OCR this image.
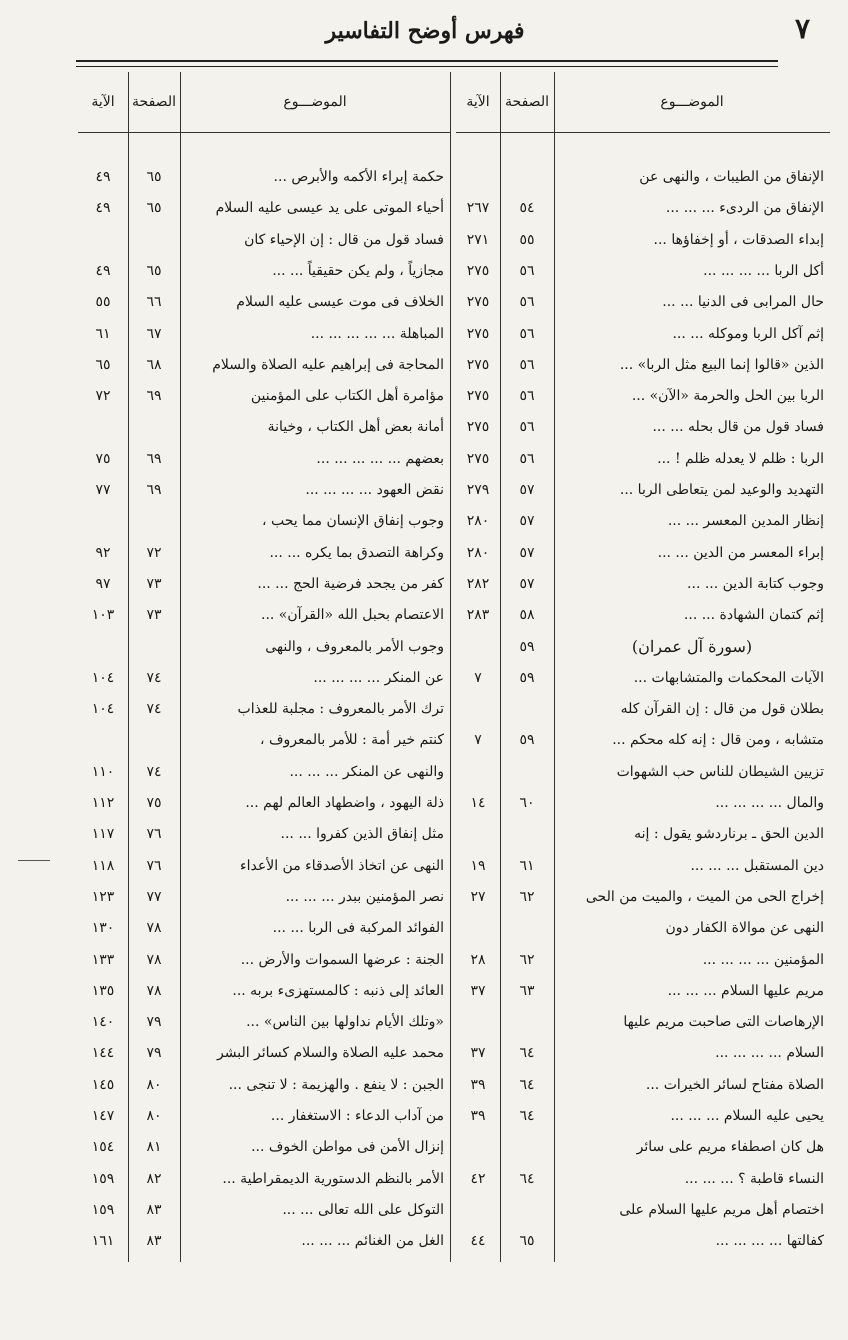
فهرس أوضح التفاسير	٧
الآية	الصفحة	الموضـــوع
٤٩	٦٥	حكمة إبراء الأكمه والأبرص ...
٤٩	٦٥	أحياء الموتى على يد عيسى عليه السلام
فساد قول من قال : إن الإحياء كان
٤٩	٦٥	مجازياً ، ولم يكن حقيقياً ... ...
٥٥	٦٦	الخلاف فى موت عيسى عليه السلام
٦١	٦٧	المباهلة ... ... ... ... ...
٦٥	٦٨	المحاجة فى إبراهيم عليه الصلاة والسلام
٧٢	٦٩	مؤامرة أهل الكتاب على المؤمنين
أمانة بعض أهل الكتاب ، وخيانة
٧٥	٦٩	بعضهم ... ... ... ... ...
٧٧	٦٩	نقض العهود ... ... ... ...
وجوب إنفاق الإنسان مما يحب ،
٩٢	٧٢	وكراهة التصدق بما يكره ... ...
٩٧	٧٣	كفر من يجحد فرضية الحج ... ...
١٠٣	٧٣	الاعتصام بحبل الله «القرآن» ...
وجوب الأمر بالمعروف ، والنهى
١٠٤	٧٤	عن المنكر ... ... ... ...
١٠٤	٧٤	ترك الأمر بالمعروف : مجلبة للعذاب
كنتم خير أمة : للأمر بالمعروف ،
١١٠	٧٤	والنهى عن المنكر ... ... ...
١١٢	٧٥	ذلة اليهود ، واضطهاد العالم لهم ...
١١٧	٧٦	مثل إنفاق الذين كفروا ... ...
١١٨	٧٦	النهى عن اتخاذ الأصدقاء من الأعداء
١٢٣	٧٧	نصر المؤمنين ببدر ... ... ...
١٣٠	٧٨	الفوائد المركبة فى الربا ... ...
١٣٣	٧٨	الجنة : عرضها السموات والأرض ...
١٣٥	٧٨	العائد إلى ذنبه : كالمستهزىء بربه ...
١٤٠	٧٩	«وتلك الأيام نداولها بين الناس» ...
١٤٤	٧٩	محمد عليه الصلاة والسلام كسائر البشر
١٤٥	٨٠	الجبن : لا ينفع . والهزيمة : لا تنجى ...
١٤٧	٨٠	من آداب الدعاء : الاستغفار ...
١٥٤	٨١	إنزال الأمن فى مواطن الخوف ...
١٥٩	٨٢	الأمر بالنظم الدستورية الديمقراطية ...
١٥٩	٨٣	التوكل على الله تعالى ... ...
١٦١	٨٣	الغل من الغنائم ... ... ...
الآية	الصفحة	الموضـــوع
الإنفاق من الطيبات ، والنهى عن
٢٦٧	٥٤	الإنفاق من الردىء ... ... ...
٢٧١	٥٥	إبداء الصدقات ، أو إخفاؤها ...
٢٧٥	٥٦	أكل الربا ... ... ... ...
٢٧٥	٥٦	حال المرابى فى الدنيا ... ...
٢٧٥	٥٦	إثم آكل الربا وموكله ... ...
٢٧٥	٥٦	الذين «قالوا إنما البيع مثل الربا» ...
٢٧٥	٥٦	الربا بين الحل والحرمة «الآن» ...
٢٧٥	٥٦	فساد قول من قال بحله ... ...
٢٧٥	٥٦	الربا : ظلم لا يعدله ظلم ! ...
٢٧٩	٥٧	التهديد والوعيد لمن يتعاطى الربا ...
٢٨٠	٥٧	إنظار المدين المعسر ... ...
٢٨٠	٥٧	إبراء المعسر من الدين ... ...
٢٨٢	٥٧	وجوب كتابة الدين ... ...
٢٨٣	٥٨	إثم كتمان الشهادة ... ...
٥٩	(سورة آل عمران)
٧	٥٩	الآيات المحكمات والمتشابهات ...
بطلان قول من قال : إن القرآن كله
٧	٥٩	متشابه ، ومن قال : إنه كله محكم ...
تزيين الشيطان للناس حب الشهوات
١٤	٦٠	والمال ... ... ... ...
الدين الحق ـ برناردشو يقول : إنه
١٩	٦١	دين المستقبل ... ... ...
٢٧	٦٢	إخراج الحى من الميت ، والميت من الحى
النهى عن موالاة الكفار دون
٢٨	٦٢	المؤمنين ... ... ... ...
٣٧	٦٣	مريم عليها السلام ... ... ...
الإرهاصات التى صاحبت مريم عليها
٣٧	٦٤	السلام ... ... ... ...
٣٩	٦٤	الصلاة مفتاح لسائر الخيرات ...
٣٩	٦٤	يحيى عليه السلام ... ... ...
هل كان اصطفاء مريم على سائر
٤٢	٦٤	النساء قاطبة ؟ ... ... ...
اختصام أهل مريم عليها السلام على
٤٤	٦٥	كفالتها ... ... ... ...
